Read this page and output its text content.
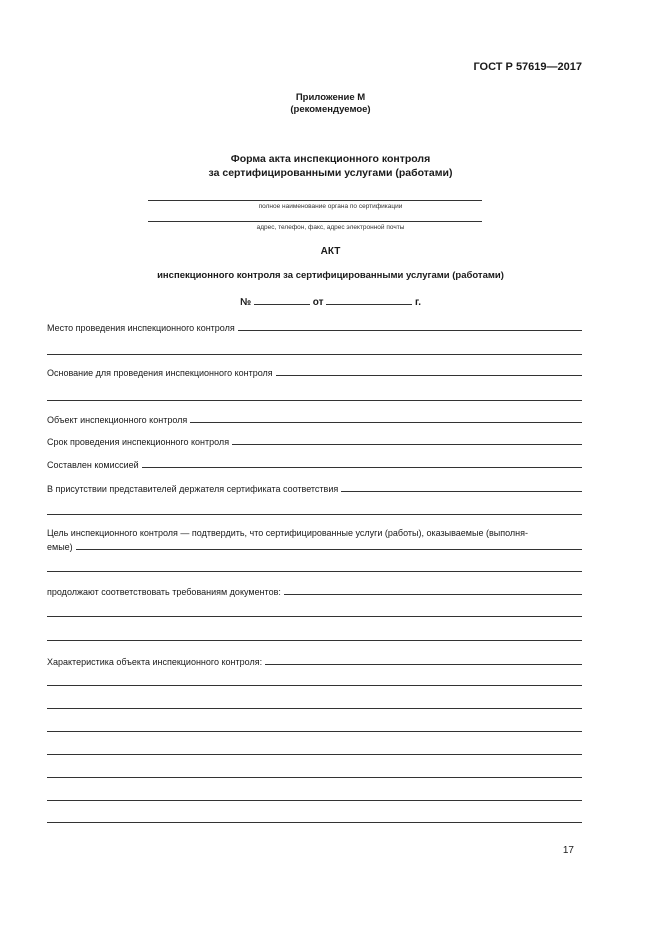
ГОСТ Р 57619—2017
Приложение М
(рекомендуемое)
Форма акта инспекционного контроля
за сертифицированными услугами (работами)
полное наименование органа по сертификации
адрес, телефон, факс, адрес электронной почты
АКТ
инспекционного контроля за сертифицированными услугами (работами)
№	от	г.
Место проведения инспекционного контроля
Основание для проведения инспекционного контроля
Объект инспекционного контроля
Срок проведения инспекционного контроля
Составлен комиссией
В присутствии представителей держателя сертификата соответствия
Цель инспекционного контроля — подтвердить, что сертифицированные услуги (работы), оказываемые (выполня-
емые)
продолжают соответствовать требованиям документов:
Характеристика объекта инспекционного контроля:
17
